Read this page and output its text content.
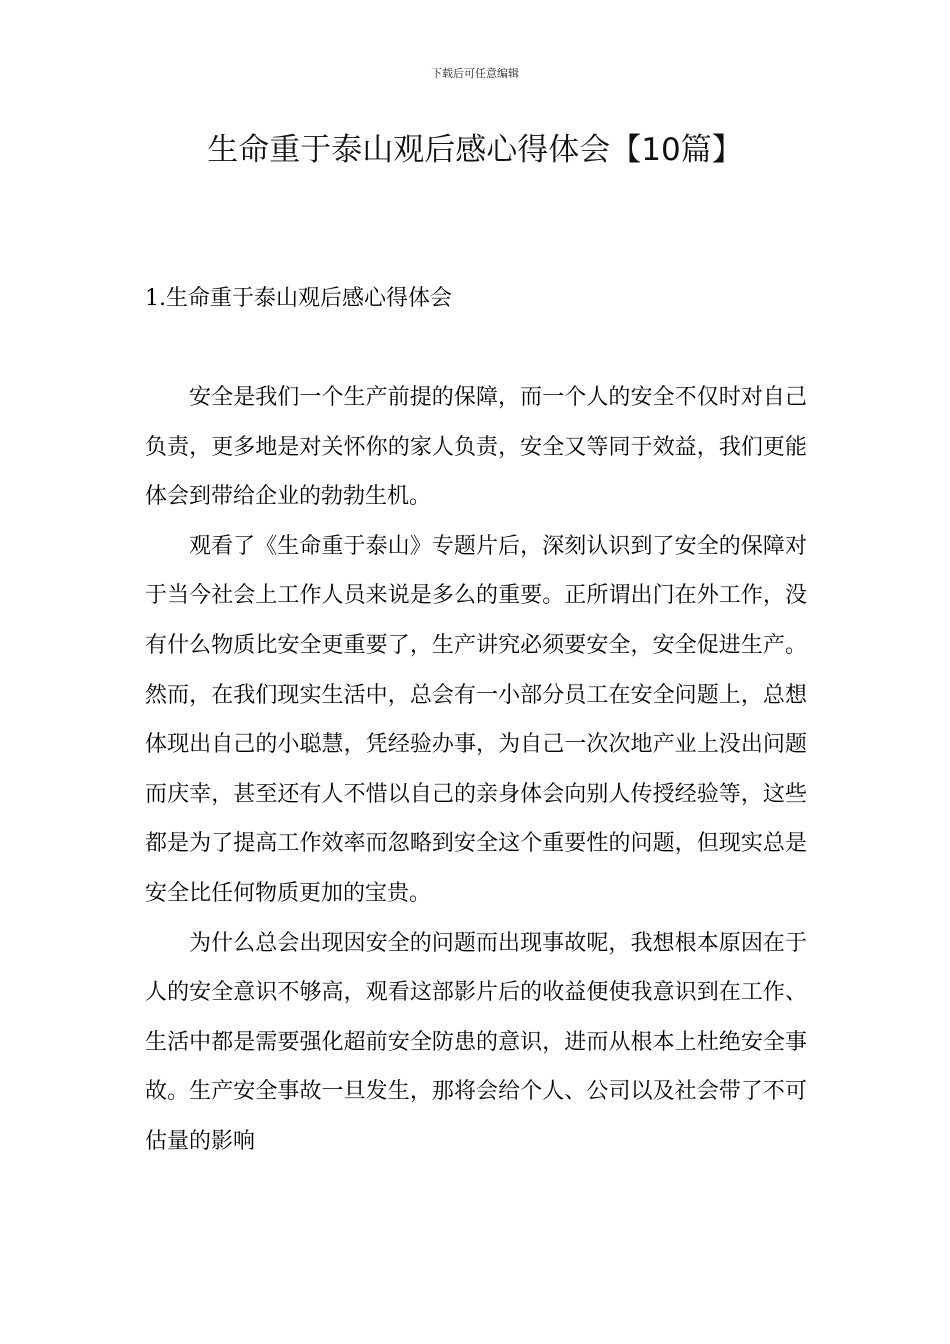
下载后可任意编辑
生命重于泰山观后感心得体会【10篇】
1.生命重于泰山观后感心得体会

安全是我们一个生产前提的保障，而一个人的安全不仅时对自己负责，更多地是对关怀你的家人负责，安全又等同于效益，我们更能体会到带给企业的勃勃生机。

观看了《生命重于泰山》专题片后，深刻认识到了安全的保障对于当今社会上工作人员来说是多么的重要。正所谓出门在外工作，没有什么物质比安全更重要了，生产讲究必须要安全，安全促进生产。然而，在我们现实生活中，总会有一小部分员工在安全问题上，总想体现出自己的小聪慧，凭经验办事，为自己一次次地产业上没出问题而庆幸，甚至还有人不惜以自己的亲身体会向别人传授经验等，这些都是为了提高工作效率而忽略到安全这个重要性的问题，但现实总是安全比任何物质更加的宝贵。

为什么总会出现因安全的问题而出现事故呢，我想根本原因在于人的安全意识不够高，观看这部影片后的收益便使我意识到在工作、生活中都是需要强化超前安全防患的意识，进而从根本上杜绝安全事故。生产安全事故一旦发生，那将会给个人、公司以及社会带了不可估量的影响
